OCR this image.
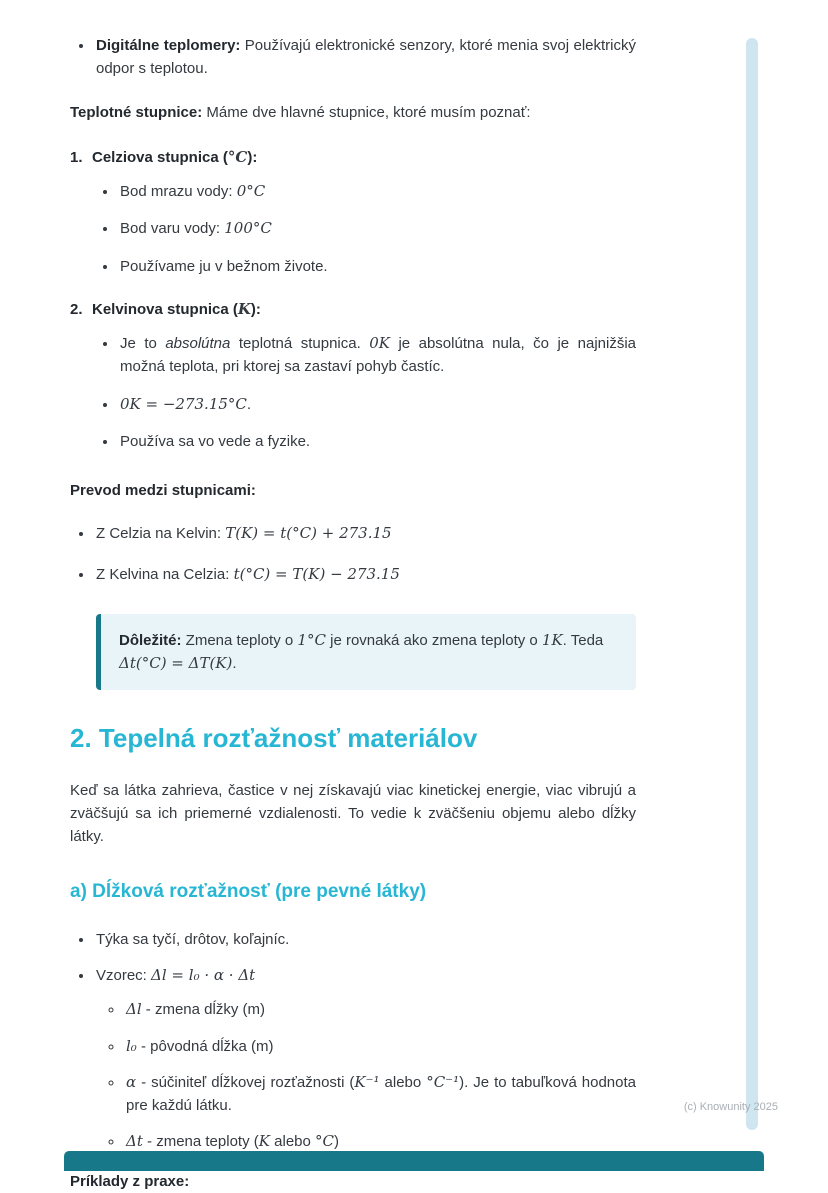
• Digitálne teplomery: Používajú elektronické senzory, ktoré menia svoj elektrický odpor s teplotou.

Teplotné stupnice: Máme dve hlavné stupnice, ktoré musím poznať:

1. Celziova stupnica (°C):
• Bod mrazu vody: 0°C
• Bod varu vody: 100°C
• Používame ju v bežnom živote.
2. Kelvinova stupnica (K):
• Je to absolútna teplotná stupnica. 0K je absolútna nula, čo je najnižšia možná teplota, pri ktorej sa zastaví pohyb častíc.
• 0K = −273.15°C.
• Používa sa vo vede a fyzike.
Prevod medzi stupnicami:
• Z Celzia na Kelvin: T(K) = t(°C) + 273.15
• Z Kelvina na Celzia: t(°C) = T(K) − 273.15
Dôležité: Zmena teploty o 1°C je rovnaká ako zmena teploty o 1K. Teda Δt(°C) = ΔT(K).
2. Tepelná rozťažnosť materiálov

Keď sa látka zahrieva, častice v nej získavajú viac kinetickej energie, viac vibrujú a zväčšujú sa ich priemerné vzdialenosti. To vedie k zväčšeniu objemu alebo dĺžky látky.

a) Dĺžková rozťažnosť (pre pevné látky)
• Týka sa tyčí, drôtov, koľajníc.
• Vzorec: Δl = l₀ · α · Δt
◦ Δl - zmena dĺžky (m)
◦ l₀ - pôvodná dĺžka (m)
◦ α - súčiniteľ dĺžkovej rozťažnosti (K⁻¹ alebo °C⁻¹). Je to tabuľková hodnota pre každú látku.
◦ Δt - zmena teploty (K alebo °C)
Príklady z praxe:
(c) Knowunity 2025
